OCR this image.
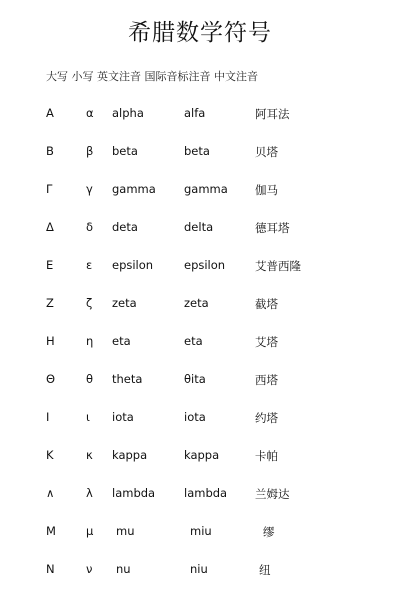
希腊数学符号
大写 小写 英文注音 国际音标注音 中文注音
Α	α alpha	alfa	阿耳法
Β	β beta	beta	贝塔
Γ	γ gamma gamma 伽马
Δ	δ deta	delta	德耳塔
Ε	ε epsilon	epsilon	艾普西隆
Ζ	ζ zeta	zeta	截塔
Η	η eta	eta	艾塔
Θ	θ theta	θita	西塔
Ι	ι iota	iota	约塔
Κ	κ kappa	kappa	卡帕
∧	λ lambda	lambda 兰姆达
Μ	μ mu	miu	缪
Ν	ν nu	niu	纽
